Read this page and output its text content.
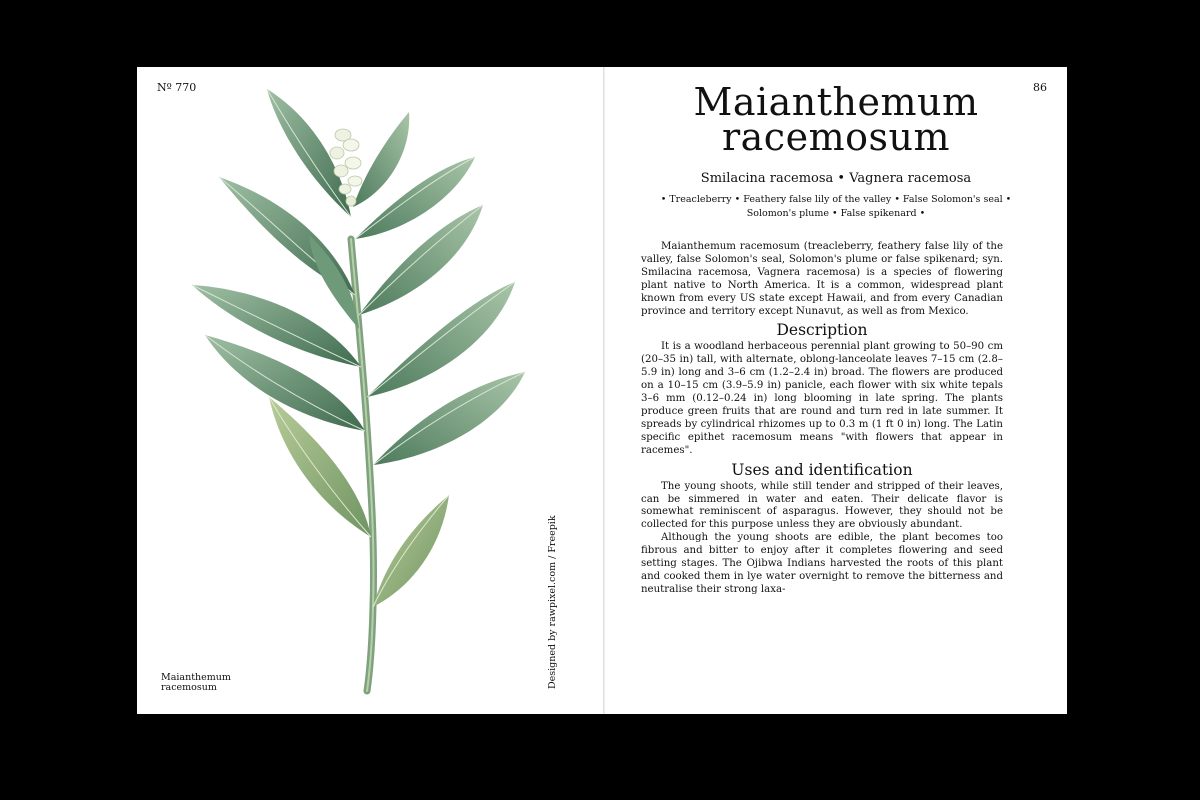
Nº 770
Maianthemum racemosum	Designed by rawpixel.com / Freepik
86
Maianthemum racemosum
Smilacina racemosa • Vagnera racemosa
• Treacleberry • Feathery false lily of the valley • False Solomon's seal • Solomon's plume • False spikenard •

Maianthemum racemosum (treacleberry, feathery false lily of the valley, false Solomon's seal, Solomon's plume or false spikenard; syn. Smilacina racemosa, Vagnera racemosa) is a species of flowering plant native to North America. It is a common, widespread plant known from every US state except Hawaii, and from every Canadian province and territory except Nunavut, as well as from Mexico.

Description

It is a woodland herbaceous perennial plant growing to 50–90 cm (20–35 in) tall, with alternate, oblong-lanceolate leaves 7–15 cm (2.8–5.9 in) long and 3–6 cm (1.2–2.4 in) broad. The flowers are produced on a 10–15 cm (3.9–5.9 in) panicle, each flower with six white tepals 3–6 mm (0.12–0.24 in) long blooming in late spring. The plants produce green fruits that are round and turn red in late summer. It spreads by cylindrical rhizomes up to 0.3 m (1 ft 0 in) long. The Latin specific epithet racemosum means "with flowers that appear in racemes".

Uses and identification

The young shoots, while still tender and stripped of their leaves, can be simmered in water and eaten. Their delicate flavor is somewhat reminiscent of asparagus. However, they should not be collected for this purpose unless they are obviously abundant.

Although the young shoots are edible, the plant becomes too fibrous and bitter to enjoy after it completes flowering and seed setting stages. The Ojibwa Indians harvested the roots of this plant and cooked them in lye water overnight to remove the bitterness and neutralise their strong laxa-
